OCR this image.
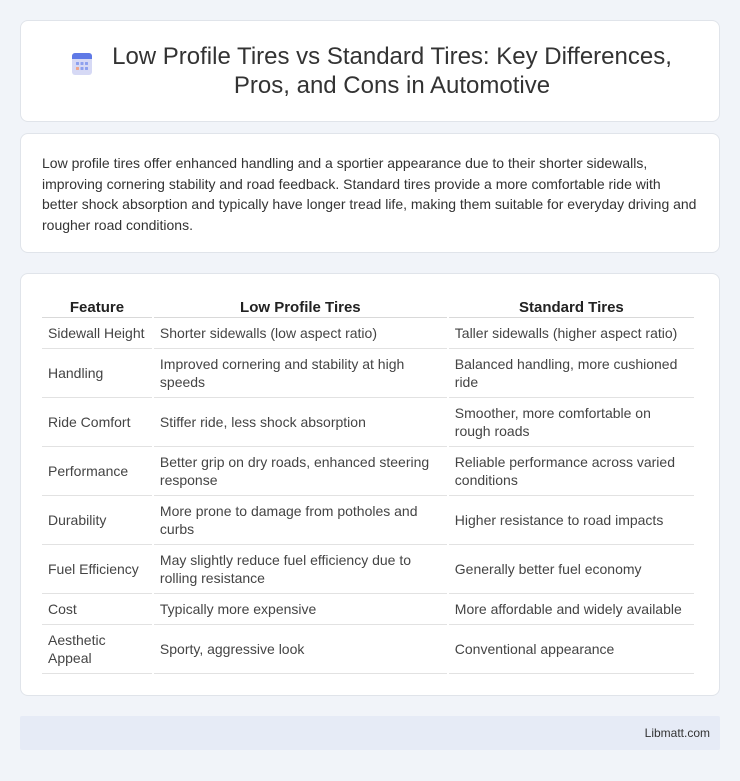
Low Profile Tires vs Standard Tires: Key Differences, Pros, and Cons in Automotive

Low profile tires offer enhanced handling and a sportier appearance due to their shorter sidewalls, improving cornering stability and road feedback. Standard tires provide a more comfortable ride with better shock absorption and typically have longer tread life, making them suitable for everyday driving and rougher road conditions.

Feature	Low Profile Tires	Standard Tires
Sidewall Height	Shorter sidewalls (low aspect ratio)	Taller sidewalls (higher aspect ratio)
Handling	Improved cornering and stability at high speeds	Balanced handling, more cushioned ride
Ride Comfort	Stiffer ride, less shock absorption	Smoother, more comfortable on rough roads
Performance	Better grip on dry roads, enhanced steering response	Reliable performance across varied conditions
Durability	More prone to damage from potholes and curbs	Higher resistance to road impacts
Fuel Efficiency	May slightly reduce fuel efficiency due to rolling resistance	Generally better fuel economy
Cost	Typically more expensive	More affordable and widely available
Aesthetic Appeal	Sporty, aggressive look	Conventional appearance
Libmatt.com
